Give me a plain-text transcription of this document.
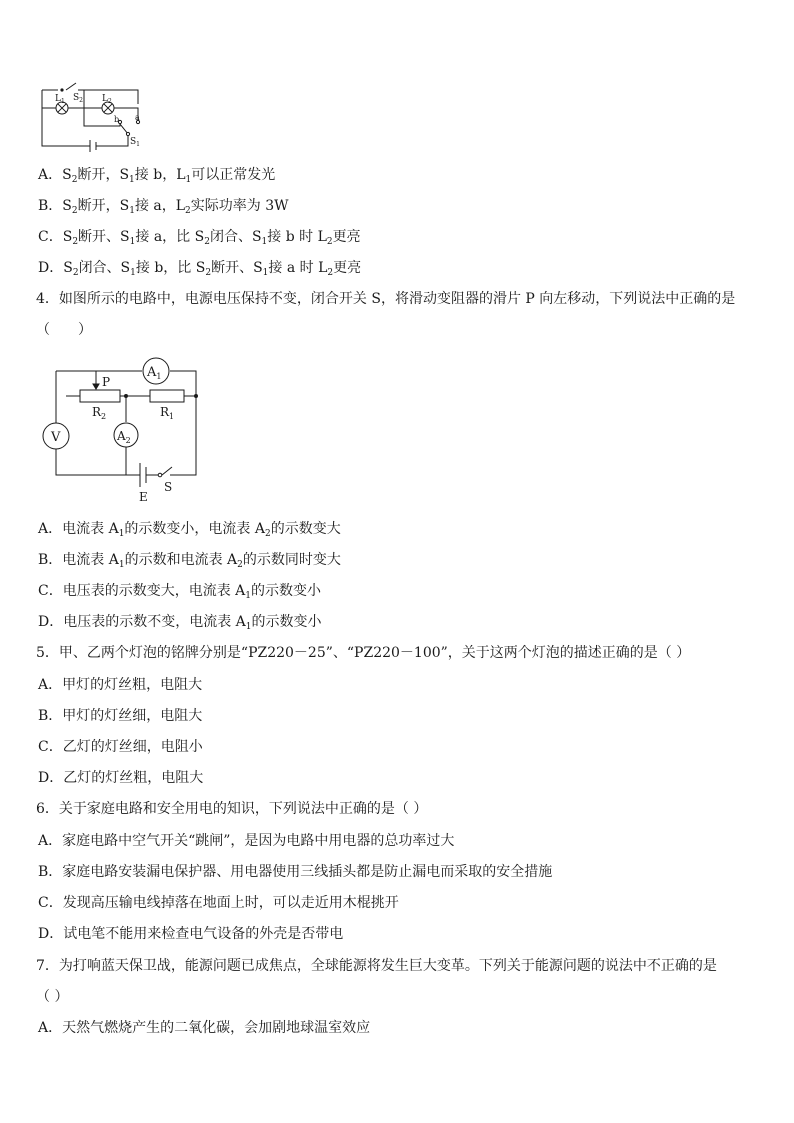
$L_1$ $S_2$ $L_2$
b a
$S_1$
A．$S_2$断开，$S_1$接 b，$L_1$可以正常发光
B．$S_2$断开，$S_1$接 a，$L_2$实际功率为 3W
C．$S_2$断开、$S_1$接 a，比 $S_2$闭合、$S_1$接 b 时 $L_2$更亮
D．$S_2$闭合、$S_1$接 b，比 $S_2$断开、$S_1$接 a 时 $L_2$更亮
4．如图所示的电路中，电源电压保持不变，闭合开关 S，将滑动变阻器的滑片 P 向左移动，下列说法中正确的是
（　　）
$A_1$
P
$R_2$	$R_1$
V	$A_2$
E
S
A．电流表 $A_1$的示数变小，电流表 $A_2$的示数变大
B．电流表 $A_1$的示数和电流表 $A_2$的示数同时变大
C．电压表的示数变大，电流表 $A_1$的示数变小
D．电压表的示数不变，电流表 $A_1$的示数变小
5．甲、乙两个灯泡的铭牌分别是“PZ220－25”、“PZ220－100”，关于这两个灯泡的描述正确的是（ ）
A．甲灯的灯丝粗，电阻大
B．甲灯的灯丝细，电阻大
C．乙灯的灯丝细，电阻小
D．乙灯的灯丝粗，电阻大
6．关于家庭电路和安全用电的知识，下列说法中正确的是（ ）
A．家庭电路中空气开关“跳闸”，是因为电路中用电器的总功率过大
B．家庭电路安装漏电保护器、用电器使用三线插头都是防止漏电而采取的安全措施
C．发现高压输电线掉落在地面上时，可以走近用木棍挑开
D．试电笔不能用来检查电气设备的外壳是否带电
7．为打响蓝天保卫战，能源问题已成焦点，全球能源将发生巨大变革。下列关于能源问题的说法中不正确的是
（ ）
A．天然气燃烧产生的二氧化碳，会加剧地球温室效应
